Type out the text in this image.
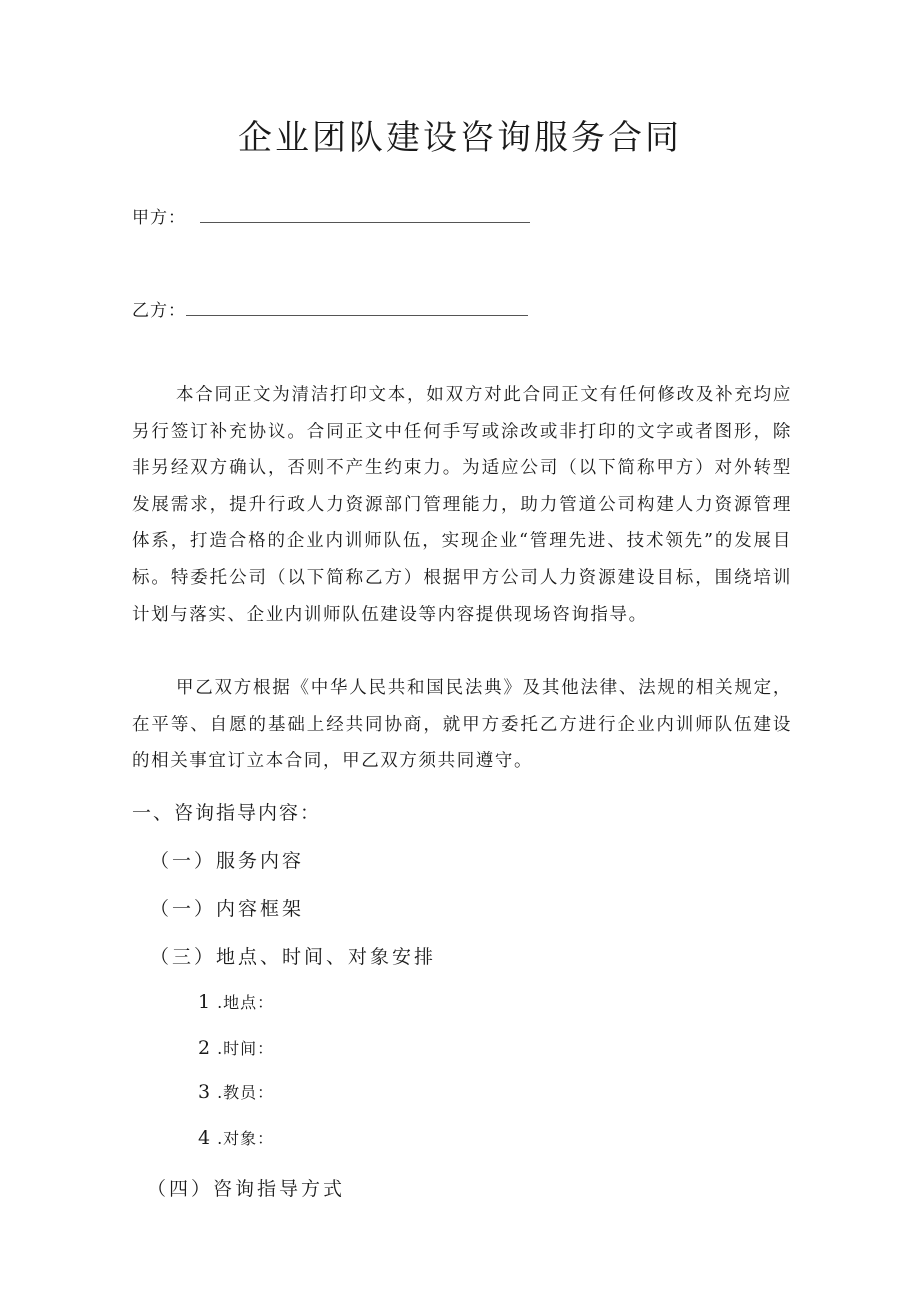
企业团队建设咨询服务合同
甲方：
乙方：

本合同正文为清洁打印文本，如双方对此合同正文有任何修改及补充均应另行签订补充协议。合同正文中任何手写或涂改或非打印的文字或者图形，除非另经双方确认，否则不产生约束力。为适应公司（以下简称甲方）对外转型发展需求，提升行政人力资源部门管理能力，助力管道公司构建人力资源管理体系，打造合格的企业内训师队伍，实现企业“管理先进、技术领先”的发展目标。特委托公司（以下简称乙方）根据甲方公司人力资源建设目标，围绕培训计划与落实、企业内训师队伍建设等内容提供现场咨询指导。

甲乙双方根据《中华人民共和国民法典》及其他法律、法规的相关规定，在平等、自愿的基础上经共同协商，就甲方委托乙方进行企业内训师队伍建设的相关事宜订立本合同，甲乙双方须共同遵守。

一、咨询指导内容：
（一）服务内容
（一）内容框架
（三）地点、时间、对象安排
1 .地点：
2 .时间：
3 .教员：
4 .对象：
（四）咨询指导方式
